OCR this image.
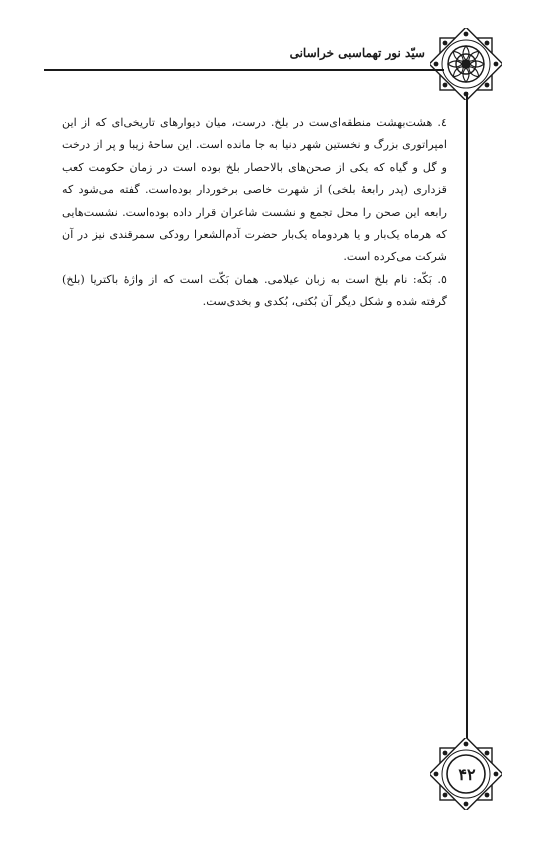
سیّد نور تهماسبی خراسانی

٤. هشت‌بهشت منطقه‌ای‌ست در بلخ. درست، میان دیوارهای تاریخی‌ای که از این امپراتوری بزرگ و نخستین شهر دنیا به جا مانده است. این ساحۀ زیبا و پر از درخت و گل و گیاه که یکی از صحن‌های بالاحصار بلخ بوده است در زمان حکومت کعب قزداری (پدر رابعۀ بلخی) از شهرت خاصی برخوردار بوده‌است. گفته می‌شود که رابعه این صحن را محل تجمع و نشست شاعران قرار داده بوده‌است. نشست‌هایی که هرماه یک‌بار و یا هردوماه یک‌بار حضرت آدم‌الشعرا رودکی سمرقندی نیز در آن شرکت می‌کرده است.

٥. بَکّه: نام بلخ است به زبان عیلامی. همان بَکّت است که از واژۀ باکتریا (بلخ) گرفته شده و شکل دیگر آن بُکتی، بُکدی و بخدی‌ست.

۴۲
